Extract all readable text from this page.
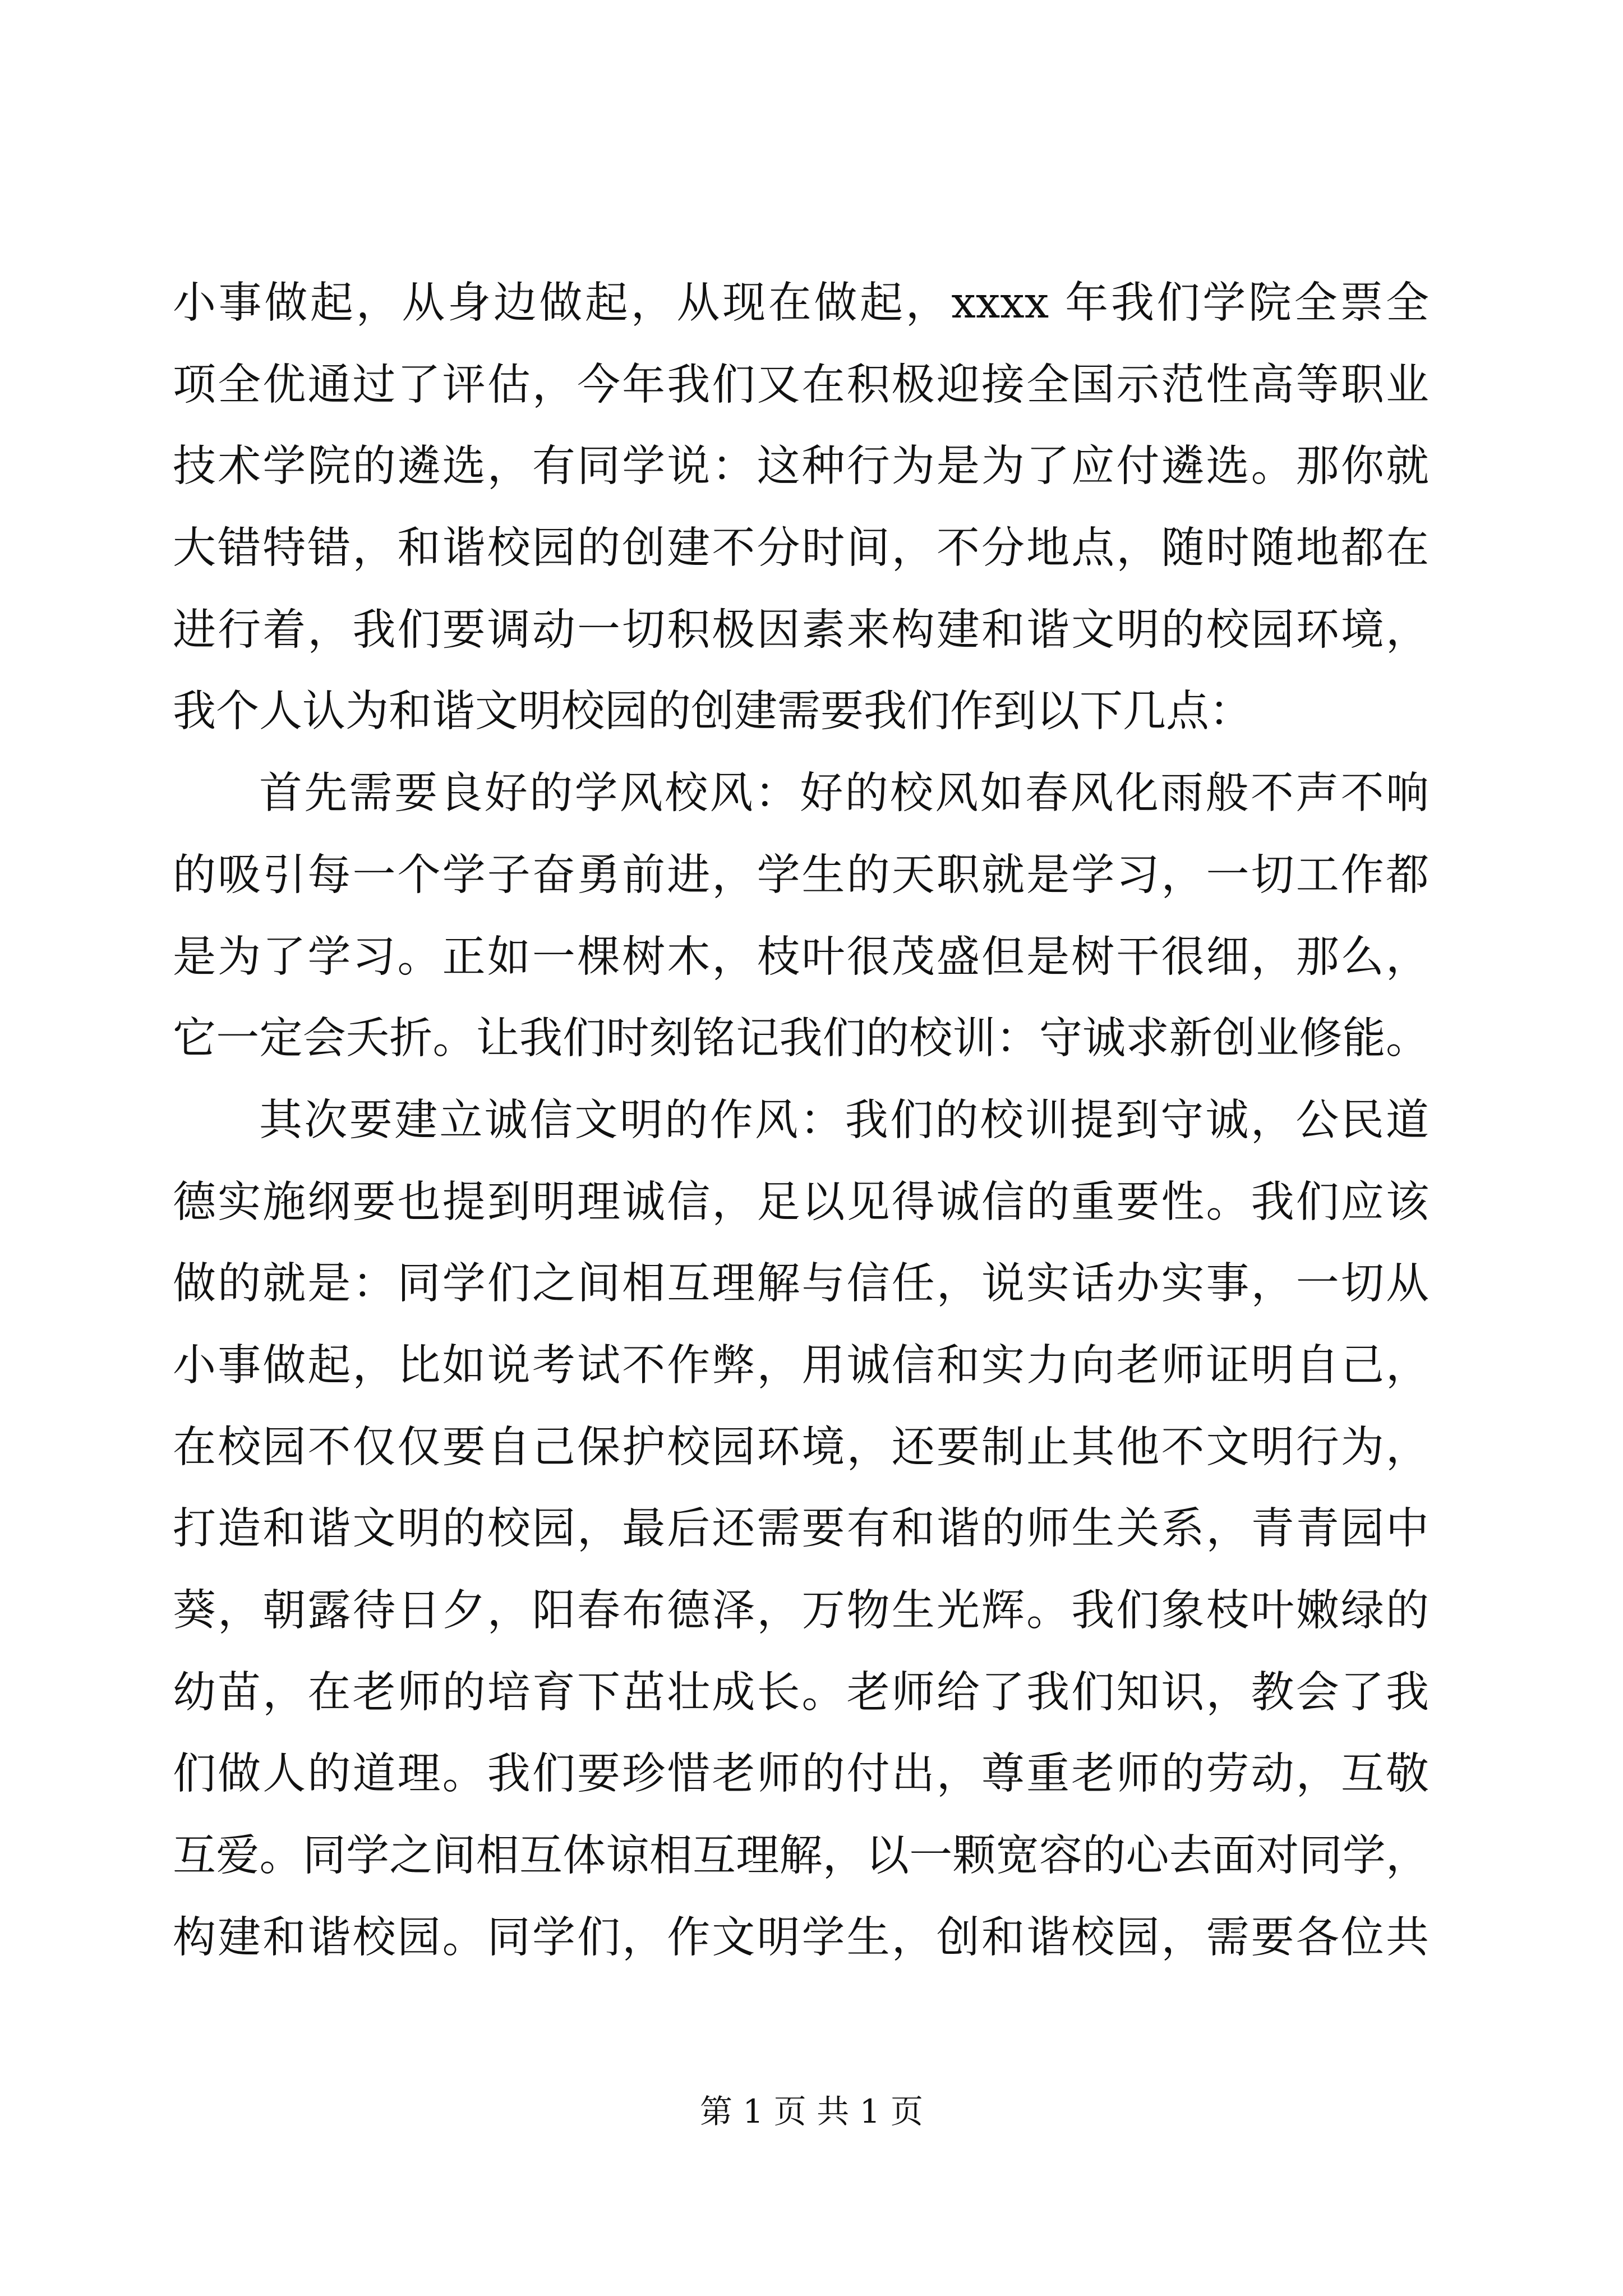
小事做起，从身边做起，从现在做起，xxxx 年我们学院全票全
项全优通过了评估，今年我们又在积极迎接全国示范性高等职业
技术学院的遴选，有同学说：这种行为是为了应付遴选。那你就
大错特错，和谐校园的创建不分时间，不分地点，随时随地都在
进行着，我们要调动一切积极因素来构建和谐文明的校园环境，
我个人认为和谐文明校园的创建需要我们作到以下几点：
首先需要良好的学风校风：好的校风如春风化雨般不声不响
的吸引每一个学子奋勇前进，学生的天职就是学习，一切工作都
是为了学习。正如一棵树木，枝叶很茂盛但是树干很细，那么，
它一定会夭折。让我们时刻铭记我们的校训：守诚求新创业修能。
其次要建立诚信文明的作风：我们的校训提到守诚，公民道
德实施纲要也提到明理诚信，足以见得诚信的重要性。我们应该
做的就是：同学们之间相互理解与信任，说实话办实事，一切从
小事做起，比如说考试不作弊，用诚信和实力向老师证明自己，
在校园不仅仅要自己保护校园环境，还要制止其他不文明行为，
打造和谐文明的校园，最后还需要有和谐的师生关系，青青园中
葵，朝露待日夕，阳春布德泽，万物生光辉。我们象枝叶嫩绿的
幼苗，在老师的培育下茁壮成长。老师给了我们知识，教会了我
们做人的道理。我们要珍惜老师的付出，尊重老师的劳动，互敬
互爱。同学之间相互体谅相互理解，以一颗宽容的心去面对同学，
构建和谐校园。同学们，作文明学生，创和谐校园，需要各位共
第 1 页 共 1 页
